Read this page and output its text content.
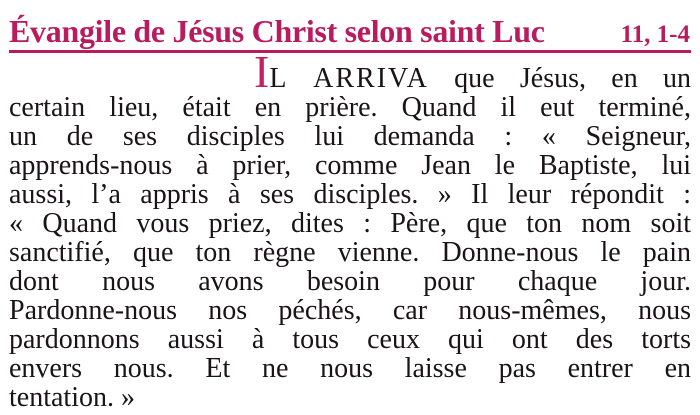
Évangile de Jésus Christ selon saint Luc	11, 1-4
IL ARRIVA que Jésus, en un
certain lieu, était en prière. Quand il eut terminé,
un de ses disciples lui demanda : « Seigneur,
apprends-nous à prier, comme Jean le Baptiste, lui
aussi, l’a appris à ses disciples. » Il leur répondit :
« Quand vous priez, dites : Père, que ton nom soit
sanctifié, que ton règne vienne. Donne-nous le pain
dont nous avons besoin pour chaque jour.
Pardonne-nous nos péchés, car nous-mêmes, nous
pardonnons aussi à tous ceux qui ont des torts
envers nous. Et ne nous laisse pas entrer en
tentation. »
